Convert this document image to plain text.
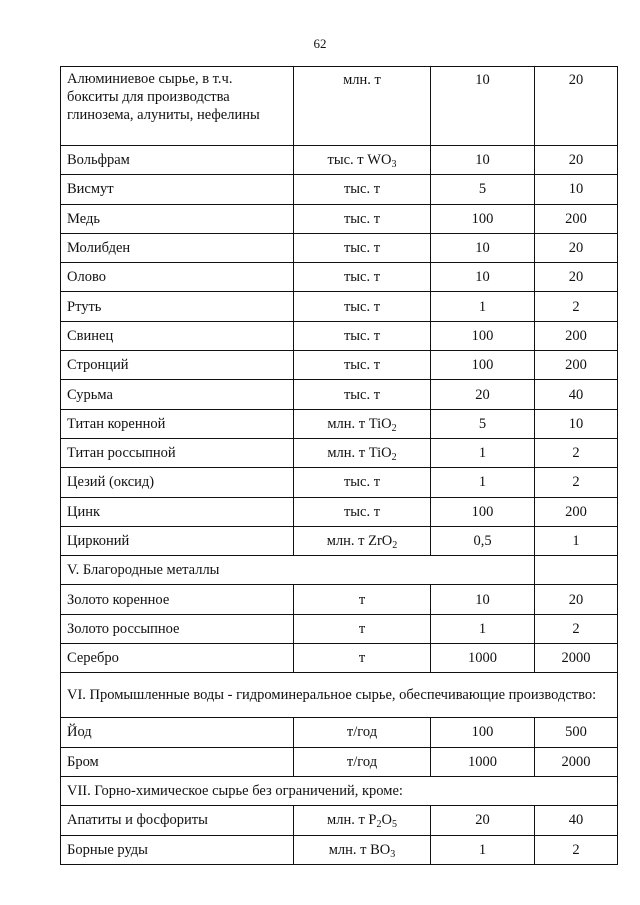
62
Алюминиевое сырье, в т.ч. бокситы для производства глинозема, алуниты, нефелины	млн. т	10	20
Вольфрам	тыс. т $WO_3$	10	20
Висмут	тыс. т	5	10
Медь	тыс. т	100	200
Молибден	тыс. т	10	20
Олово	тыс. т	10	20
Ртуть	тыс. т	1	2
Свинец	тыс. т	100	200
Стронций	тыс. т	100	200
Сурьма	тыс. т	20	40
Титан коренной	млн. т TiO$_2$	5	10
Титан россыпной	млн. т TiO$_2$	1	2
Цезий (оксид)	тыс. т	1	2
Цинк	тыс. т	100	200
Цирконий	млн. т ZrO$_2$	0,5	1
V. Благородные металлы			
Золото коренное	т	10	20
Золото россыпное	т	1	2
Серебро	т	1000	2000
VI. Промышленные воды - гидроминеральное сырье, обеспечивающие производство:			
Йод	т/год	100	500
Бром	т/год	1000	2000
VII. Горно-химическое сырье без ограничений, кроме:			
Апатиты и фосфориты	млн. т $P_2O_5$	20	40
Борные руды	млн. т $BO_3$	1	2
